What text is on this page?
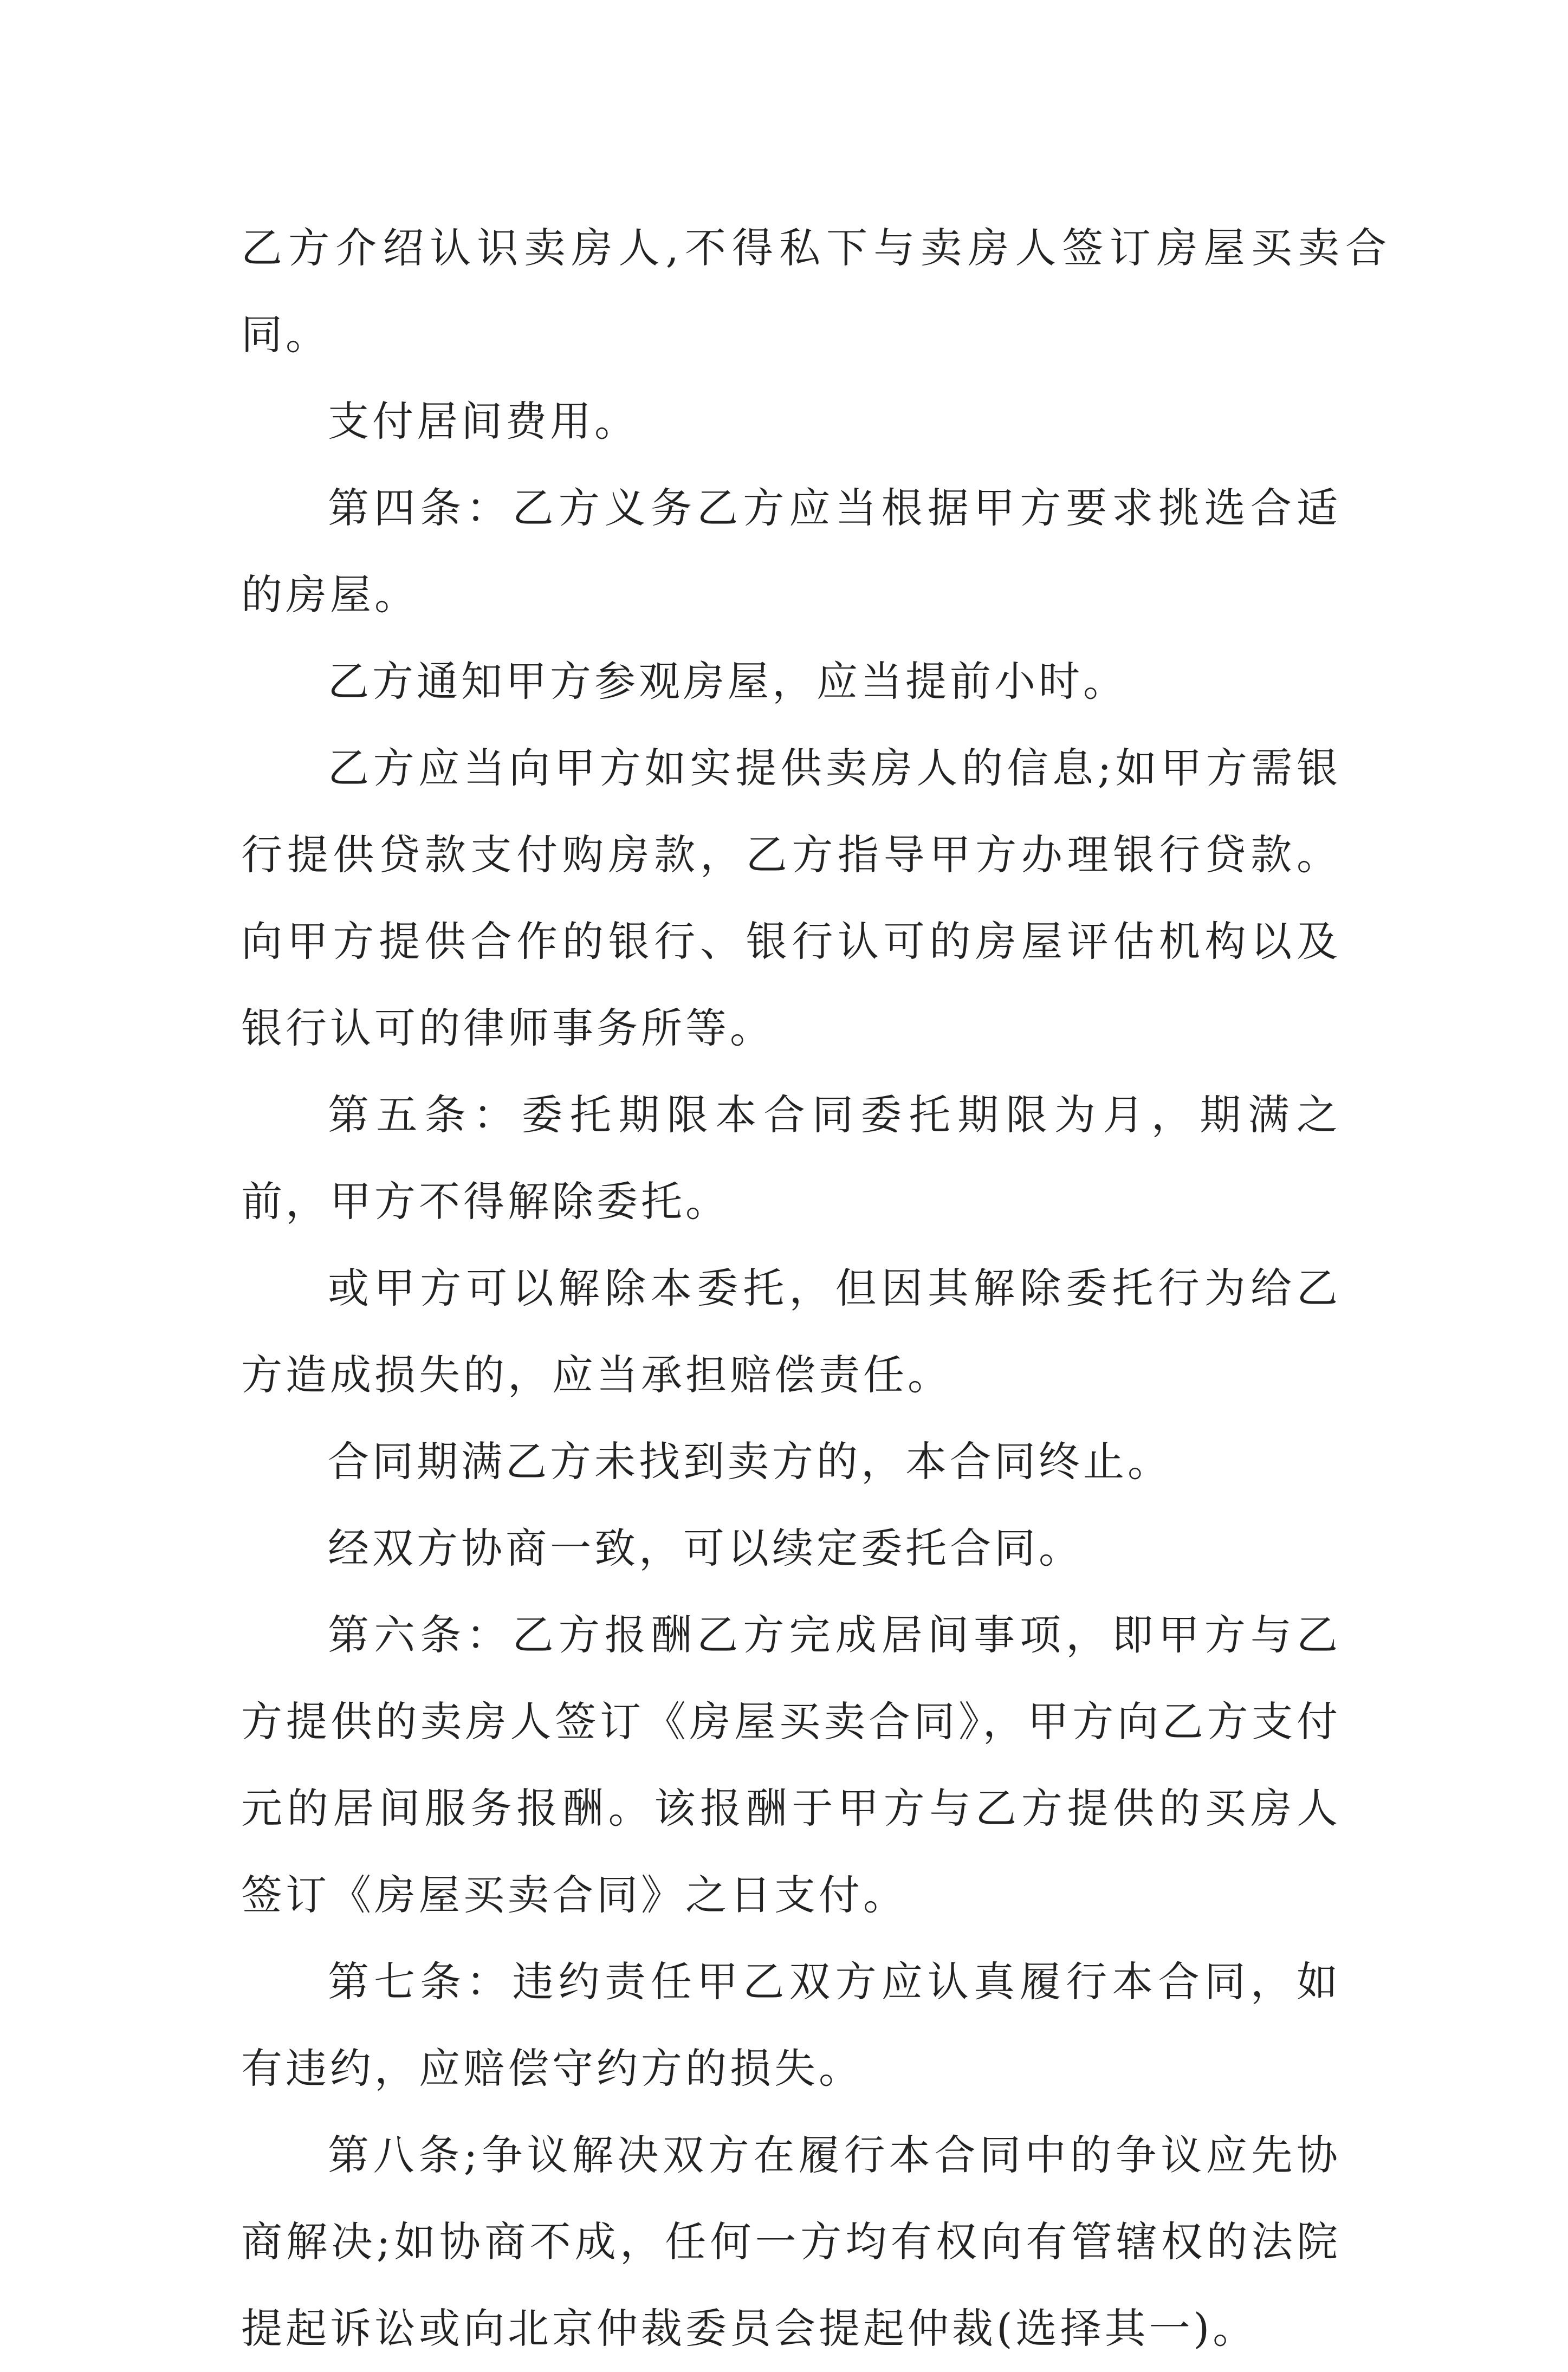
乙方介绍认识卖房人,不得私下与卖房人签订房屋买卖合同。

支付居间费用。

第四条：乙方义务乙方应当根据甲方要求挑选合适的房屋。

乙方通知甲方参观房屋，应当提前小时。

乙方应当向甲方如实提供卖房人的信息;如甲方需银行提供贷款支付购房款，乙方指导甲方办理银行贷款。向甲方提供合作的银行、银行认可的房屋评估机构以及银行认可的律师事务所等。

第五条：委托期限本合同委托期限为月，期满之前，甲方不得解除委托。

或甲方可以解除本委托，但因其解除委托行为给乙方造成损失的，应当承担赔偿责任。

合同期满乙方未找到卖方的，本合同终止。

经双方协商一致，可以续定委托合同。

第六条：乙方报酬乙方完成居间事项，即甲方与乙方提供的卖房人签订《房屋买卖合同》，甲方向乙方支付元的居间服务报酬。该报酬于甲方与乙方提供的买房人签订《房屋买卖合同》之日支付。

第七条：违约责任甲乙双方应认真履行本合同，如有违约，应赔偿守约方的损失。

第八条;争议解决双方在履行本合同中的争议应先协商解决;如协商不成，任何一方均有权向有管辖权的法院提起诉讼或向北京仲裁委员会提起仲裁(选择其一)。
